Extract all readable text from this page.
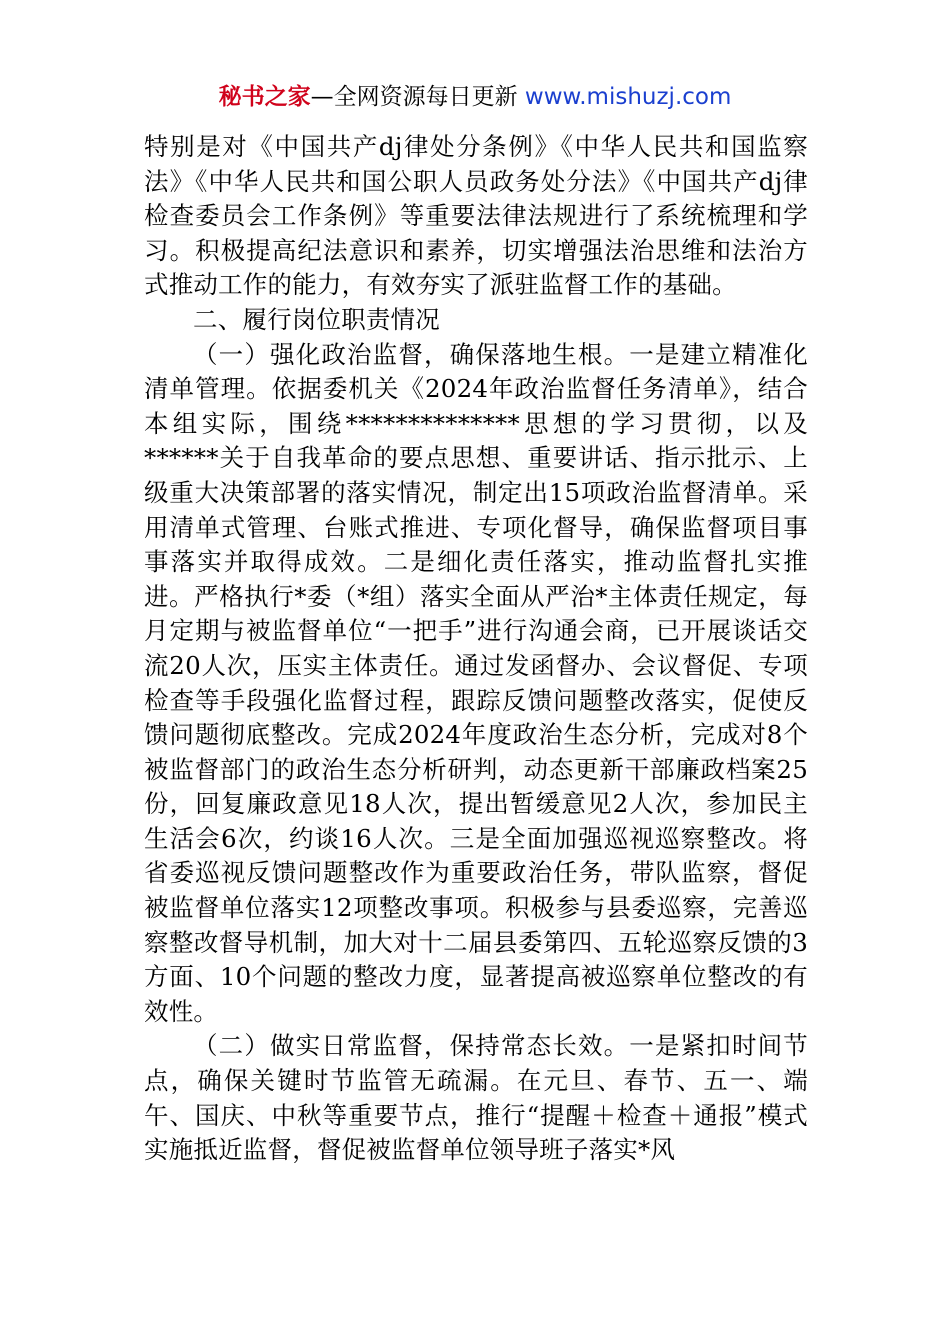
秘书之家—全网资源每日更新 www.mishuzj.com

特别是对《中国共产dj律处分条例》《中华人民共和国监察法》《中华人民共和国公职人员政务处分法》《中国共产dj律检查委员会工作条例》等重要法律法规进行了系统梳理和学习。积极提高纪法意识和素养，切实增强法治思维和法治方式推动工作的能力，有效夯实了派驻监督工作的基础。

二、履行岗位职责情况

（一）强化政治监督，确保落地生根。一是建立精准化清单管理。依据委机关《2024年政治监督任务清单》，结合本组实际，围绕**************思想的学习贯彻，以及******关于自我革命的要点思想、重要讲话、指示批示、上级重大决策部署的落实情况，制定出15项政治监督清单。采用清单式管理、台账式推进、专项化督导，确保监督项目事事落实并取得成效。二是细化责任落实，推动监督扎实推进。严格执行*委（*组）落实全面从严治*主体责任规定，每月定期与被监督单位“一把手”进行沟通会商，已开展谈话交流20人次，压实主体责任。通过发函督办、会议督促、专项检查等手段强化监督过程，跟踪反馈问题整改落实，促使反馈问题彻底整改。完成2024年度政治生态分析，完成对8个被监督部门的政治生态分析研判，动态更新干部廉政档案25份，回复廉政意见18人次，提出暂缓意见2人次，参加民主生活会6次，约谈16人次。三是全面加强巡视巡察整改。将省委巡视反馈问题整改作为重要政治任务，带队监察，督促被监督单位落实12项整改事项。积极参与县委巡察，完善巡察整改督导机制，加大对十二届县委第四、五轮巡察反馈的3方面、10个问题的整改力度，显著提高被巡察单位整改的有效性。

（二）做实日常监督，保持常态长效。一是紧扣时间节点，确保关键时节监管无疏漏。在元旦、春节、五一、端午、国庆、中秋等重要节点，推行“提醒＋检查＋通报”模式实施抵近监督，督促被监督单位领导班子落实*风
